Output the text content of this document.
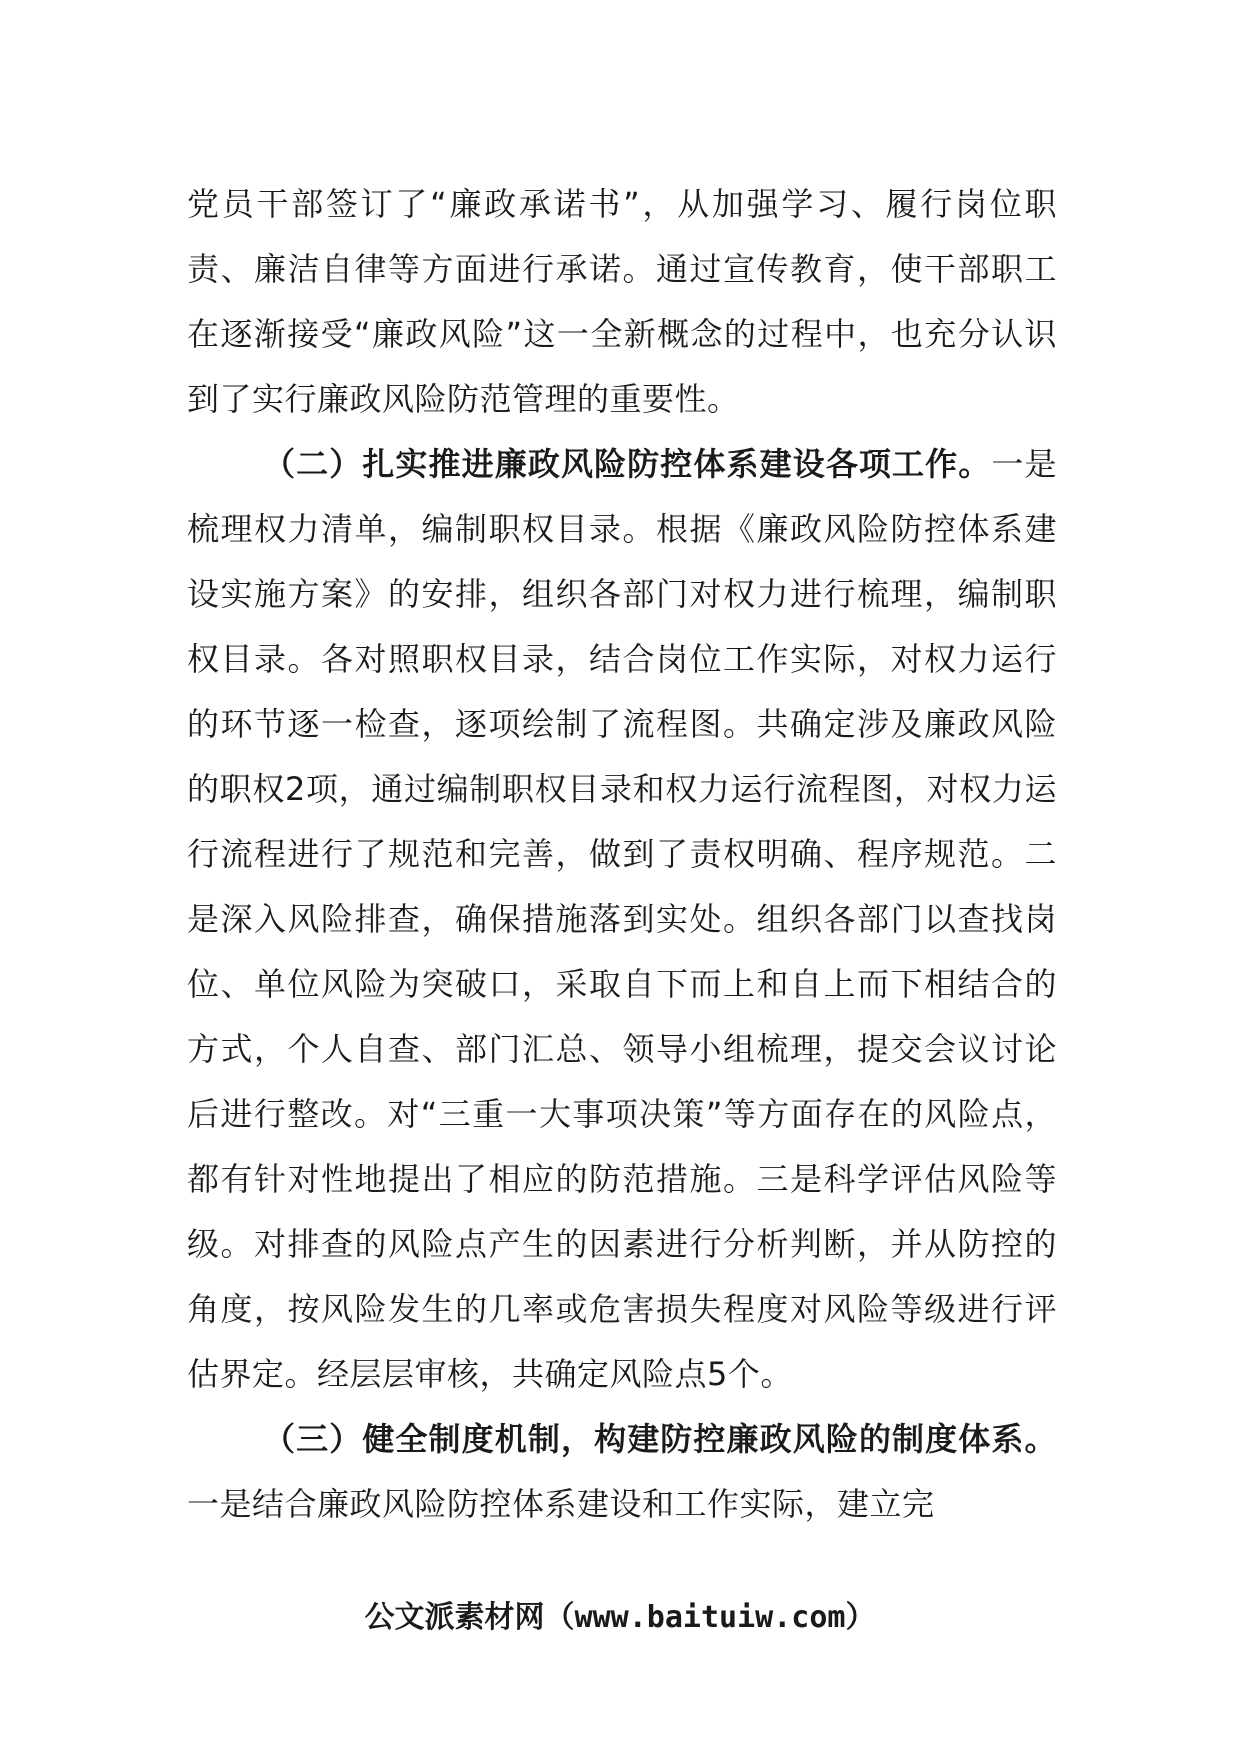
党员干部签订了“廉政承诺书”，从加强学习、履行岗位职责、廉洁自律等方面进行承诺。通过宣传教育，使干部职工在逐渐接受“廉政风险”这一全新概念的过程中，也充分认识到了实行廉政风险防范管理的重要性。

（二）扎实推进廉政风险防控体系建设各项工作。一是梳理权力清单，编制职权目录。根据《廉政风险防控体系建设实施方案》的安排，组织各部门对权力进行梳理，编制职权目录。各对照职权目录，结合岗位工作实际，对权力运行的环节逐一检查，逐项绘制了流程图。共确定涉及廉政风险的职权2项，通过编制职权目录和权力运行流程图，对权力运行流程进行了规范和完善，做到了责权明确、程序规范。二是深入风险排查，确保措施落到实处。组织各部门以查找岗位、单位风险为突破口，采取自下而上和自上而下相结合的方式，个人自查、部门汇总、领导小组梳理，提交会议讨论后进行整改。对“三重一大事项决策”等方面存在的风险点，都有针对性地提出了相应的防范措施。三是科学评估风险等级。对排查的风险点产生的因素进行分析判断，并从防控的角度，按风险发生的几率或危害损失程度对风险等级进行评估界定。经层层审核，共确定风险点5个。

（三）健全制度机制，构建防控廉政风险的制度体系。一是结合廉政风险防控体系建设和工作实际，建立完

公文派素材网（www.baituiw.com）
